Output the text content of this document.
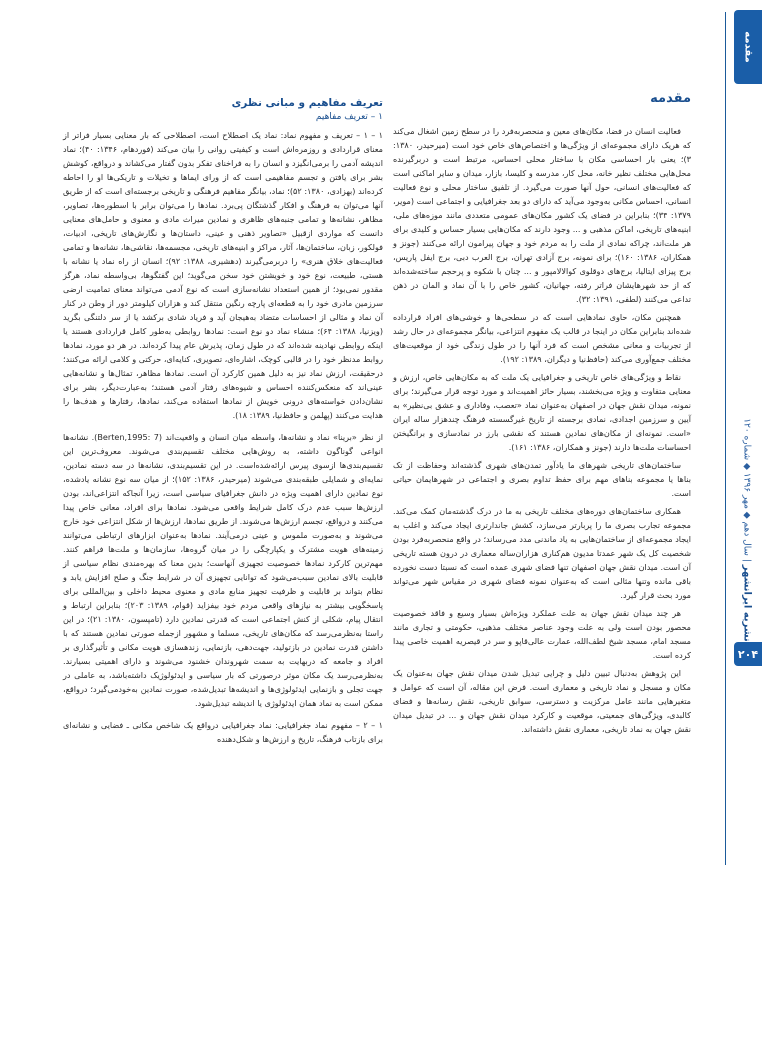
مقدمه
نشریه ایرانشهر | سال دهم ◆ مهر ۱۳۹۶ ◆ شماره ۱۲۰
۲۰۴
مقدمه

فعالیت انسان در فضا، مکان‌های معین و منحصربه‌فرد را در سطح زمین اشغال می‌کند که هریک دارای مجموعه‌ای از ویژگی‌ها و اختصاص‌های خاص خود است (میرحیدر، ۱۳۸۰: ۳)؛ یعنی بار احساسی مکان با ساختار محلی احساس، مرتبط است و دربرگیرنده محل‌هایی مختلف نظیر خانه، محل کار، مدرسه و کلیسا، بازار، میدان و سایر اماکنی است که فعالیت‌های انسانی، حول آنها صورت می‌گیرد. از تلفیق ساختار محلی و نوع فعالیت انسانی، احساس مکانی به‌وجود می‌آید که دارای دو بعد جغرافیایی و اجتماعی است (مویر، ۱۳۷۹: ۳۴)؛ بنابراین در فضای یک کشور مکان‌های عمومی متعددی مانند موزه‌های ملی، ابنیه‌های تاریخی، اماکن مذهبی و ... وجود دارند که مکان‌هایی بسیار حساس و کلیدی برای هر ملت‌اند، چراکه نمادی از ملت را به مردم خود و جهان پیرامون ارائه می‌کنند (جونز و همکاران، ۱۳۸۶: ۱۶۰)؛ برای نمونه، برج آزادی تهران، برج العرب دبی، برج ایفل پاریس، برج پیزای ایتالیا، برج‌های دوقلوی کوالالامپور و ... چنان با شکوه و پرحجم ساخته‌شده‌اند که از حد شهرهایشان فراتر رفته، جهانیان، کشور خاص را با آن نماد و المان در ذهن تداعی می‌کنند (لطفی، ۱۳۹۱: ۳۲).

همچنین مکان، حاوی نمادهایی است که در سطحی‌ها و خوشی‌های افراد قرارداده شده‌اند بنابراین مکان در اینجا در قالب یک مفهوم انتزاعی، بیانگر مجموعه‌ای در حال رشد از تجربیات و معانی مشخص است که فرد آنها را در طول زندگی خود از موقعیت‌های مختلف جمع‌آوری می‌کند (حافظ‌نیا و دیگران، ۱۳۸۹: ۱۹۲).

نقاط و ویژگی‌های خاص تاریخی و جغرافیایی یک ملت که به مکان‌هایی خاص، ارزش و معنایی متفاوت و ویژه می‌بخشند، بسیار حائز اهمیت‌اند و مورد توجه قرار می‌گیرند؛ برای نمونه، میدان نقش جهان در اصفهان به‌عنوان نماد «تعصب، وفاداری و عشق بی‌نظیر» به آیین و سرزمین اجدادی، نمادی برجسته از تاریخ غیرگسسته فرهنگ چندهزار ساله ایران «است. نمونه‌ای از مکان‌های نمادین هستند که نقشی بارز در نمادسازی و برانگیختن احساسات ملت‌ها دارند (جونز و همکاران، ۱۳۸۶: ۱۶۱).

ساختمان‌های تاریخی شهرهای ما یادآور تمدن‌های شهری گذشته‌اند وحفاظت از تک بناها یا مجموعه بناهای مهم برای حفظ تداوم بصری و اجتماعی در شهرهایمان حیاتی است.

همکاری ساختمان‌های دوره‌های مختلف تاریخی به ما در درک گذشته‌مان کمک می‌کند. مجموعه تجارب بصری ما را پربارتر می‌سازد، کشش جاندارتری ایجاد می‌کند و اغلب به ایجاد مجموعه‌ای از ساختمان‌هایی به یاد ماندنی مدد می‌رساند؛ در واقع منحصربه‌فرد بودن شخصیت کل یک شهر عمدتا مدیون هم‌کناری هزاران‌ساله معماری در درون هسته تاریخی آن است. میدان نقش جهان اصفهان تنها فضای شهری عمده است که نسبتا دست نخورده باقی مانده وتنها مثالی است که به‌عنوان نمونه فضای شهری در مقیاس شهر می‌تواند مورد بحث قرار گیرد.

هر چند میدان نقش جهان به علت عملکرد ویژه‌اش بسیار وسیع و فاقد خصوصیت محصور بودن است ولی به علت وجود عناصر مختلف مذهبی، حکومتی و تجاری مانند مسجد امام، مسجد شیخ لطف‌الله، عمارت عالی‌قاپو و سر در قیصریه اهمیت خاصی پیدا کرده است.

این پژوهش به‌دنبال تبیین دلیل و چرایی تبدیل شدن میدان نقش جهان به‌عنوان یک مکان و مسجل و نماد تاریخی و معماری است. فرض این مقاله، آن است که عوامل و متغیرهایی مانند عامل مرکزیت و دسترسی، سوابق تاریخی، نقش رسانه‌ها و فضای کالبدی، ویژگی‌های جمعیتی، موقعیت و کارکرد میدان نقش جهان و ... در تبدیل میدان نقش جهان به نماد تاریخی، معماری نقش داشته‌اند.

تعریف مفاهیم و مبانی نظری
۱ – تعریف مفاهیم

۱ – ۱ – تعریف و مفهوم نماد: نماد یک اصطلاح است، اصطلاحی که بار معنایی بسیار فراتر از معنای قراردادی و روزمره‌اش است و کیفیتی روانی را بیان می‌کند (فوردهام، ۱۳۴۶: ۴۰)؛ نماد اندیشه آدمی را برمی‌انگیزد و انسان را به فراخنای تفکر بدون گفتار می‌کشاند و درواقع، کوشش بشر برای یافتن و تجسم مفاهیمی است که از ورای ایماها و تخیلات و تاریکی‌ها او را احاطه کرده‌اند (بهزادی، ۱۳۸۰: ۵۲)؛ نماد، بیانگر مفاهیم فرهنگی و تاریخی برجسته‌ای است که از طریق آنها می‌توان به فرهنگ و افکار گذشتگان پی‌برد. نمادها را می‌توان برابر با اسطوره‌ها، تصاویر، مظاهر، نشانه‌ها و تمامی جنبه‌های ظاهری و نمادین میراث مادی و معنوی و حامل‌های معنایی دانست که مواردی ازقبیل «تصاویر ذهنی و عینی، داستان‌ها و نگارش‌های تاریخی، ادبیات، فولکور، زبان، ساختمان‌ها، آثار، مراکز و ابنیه‌های تاریخی، مجسمه‌ها، نقاشی‌ها، نشانه‌ها و تمامی فعالیت‌های خلاق هنری» را دربرمی‌گیرند (دهشیری، ۱۳۸۸: ۹۲)؛ انسان از راه نماد یا نشانه با هستی، طبیعت، نوع خود و خویشتن خود سخن می‌گوید؛ این گفتگوها، بی‌واسطه نماد، هرگز مقدور نمی‌بود؛ از همین استعداد نشانه‌سازی است که نوع آدمی می‌تواند معنای تمامیت ارضی سرزمین مادری خود را به قطعه‌ای پارچه رنگین منتقل کند و هزاران کیلومتر دور از وطن در کنار آن نماد و مثالی از احساسات متضاد به‌هیجان آید و فریاد شادی برکشد یا از سر دلتنگی بگرید (ویزنیا، ۱۳۸۸: ۶۴)؛ منشاء نماد دو نوع است: نمادها روابطی به‌طور کامل قراردادی هستند یا اینکه روابطی نهادینه شده‌اند که در طول زمان، پذیرش عام پیدا کرده‌اند. در هر دو مورد، نمادها روابط مدنظر خود را در قالبی کوچک، اشاره‌ای، تصویری، کنایه‌ای، حرکتی و کلامی ارائه می‌کنند؛ درحقیقت، ارزش نماد نیز به دلیل همین کارکرد آن است. نمادها مظاهر، تمثال‌ها و نشانه‌هایی عینی‌اند که منعکس‌کننده احساس و شیوه‌های رفتار آدمی هستند؛ به‌عبارت‌دیگر، بشر برای نشان‌دادن خواسته‌های درونی خویش از نمادها استفاده می‌کند، نمادها، رفتارها و هدف‌ها را هدایت می‌کنند (پهلمن و حافظ‌نیا، ۱۳۸۹: ۱۸).

از نظر «برینا» نماد و نشانه‌ها، واسطه میان انسان و واقعیت‌اند (Berten,1995: 7). نشانه‌ها انواعی گوناگون داشته، به روش‌هایی مختلف تقسیم‌بندی می‌شوند. معروف‌ترین این تقسیم‌بندی‌ها ازسوی پیرس ارائه‌شده‌است. در این تقسیم‌بندی، نشانه‌ها در سه دسته نمادین، نمایه‌ای و شمایلی طبقه‌بندی می‌شوند (میرحیدر، ۱۳۸۶: ۱۵۲)؛ از میان سه نوع نشانه یادشده، نوع نمادین دارای اهمیت ویژه در دانش جغرافیای سیاسی است، زیرا آنجاکه انتزاعی‌اند، بودن ارزش‌ها سبب عدم درک کامل شرایط واقعی می‌شود. نمادها برای افراد، معانی خاص پیدا می‌کنند و درواقع، تجسم ارزش‌ها می‌شوند. از طریق نمادها، ارزش‌ها از شکل انتزاعی خود خارج می‌شوند و به‌صورت ملموس و عینی درمی‌آیند. نمادها به‌عنوان ابزارهای ارتباطی می‌توانند زمینه‌های هویت مشترک و یکپارچگی را در میان گروه‌ها، سازمان‌ها و ملت‌ها فراهم کنند. مهم‌ترین کارکرد نمادها خصوصیت تجهیزی آنهاست؛ بدین معنا که بهره‌مندی نظام سیاسی از قابلیت بالای نمادین سبب‌می‌شود که توانایی تجهیزی آن در شرایط جنگ و صلح افزایش یابد و نظام بتواند بر قابلیت و ظرفیت تجهیز منابع مادی و معنوی محیط داخلی و بین‌المللی برای پاسخگویی بیشتر به نیازهای واقعی مردم خود بیفزاید (قوام، ۱۳۸۹: ۲۰۳)؛ بنابراین ارتباط و انتقال پیام، شکلی از کنش اجتماعی است که قدرتی نمادین دارد (تامپسون، ۱۳۸۰: ۲۱)؛ در این راستا به‌نظرمی‌رسد که مکان‌های تاریخی، مسلما و مشهور ازجمله صورتی نمادین هستند که با داشتن قدرت نمادین در بازتولید، جهت‌دهی، بازنمایی، زندهسازی هویت مکانی و تأثیرگذاری بر افراد و جامعه که دربهایت به سمت شهروندان خشنود می‌شوند و دارای اهمیتی بسیارند. به‌نظرمی‌رسد یک مکان موثر درصورتی که بار سیاسی و ایدئولوژیک داشته‌باشد، به عاملی در جهت تجلی و بازنمایی ایدئولوژی‌ها و اندیشه‌ها تبدیل‌شده، صورت نمادین به‌خودمی‌گیرد؛ درواقع، ممکن است به نماد همان ایدئولوژی یا اندیشه تبدیل‌شود.

۱ – ۲ – مفهوم نماد جغرافیایی: نماد جغرافیایی درواقع یک شاخص مکانی‌ ـ فضایی و نشانه‌ای برای بازتاب فرهنگ، تاریخ و ارزش‌ها و شکل‌دهنده
